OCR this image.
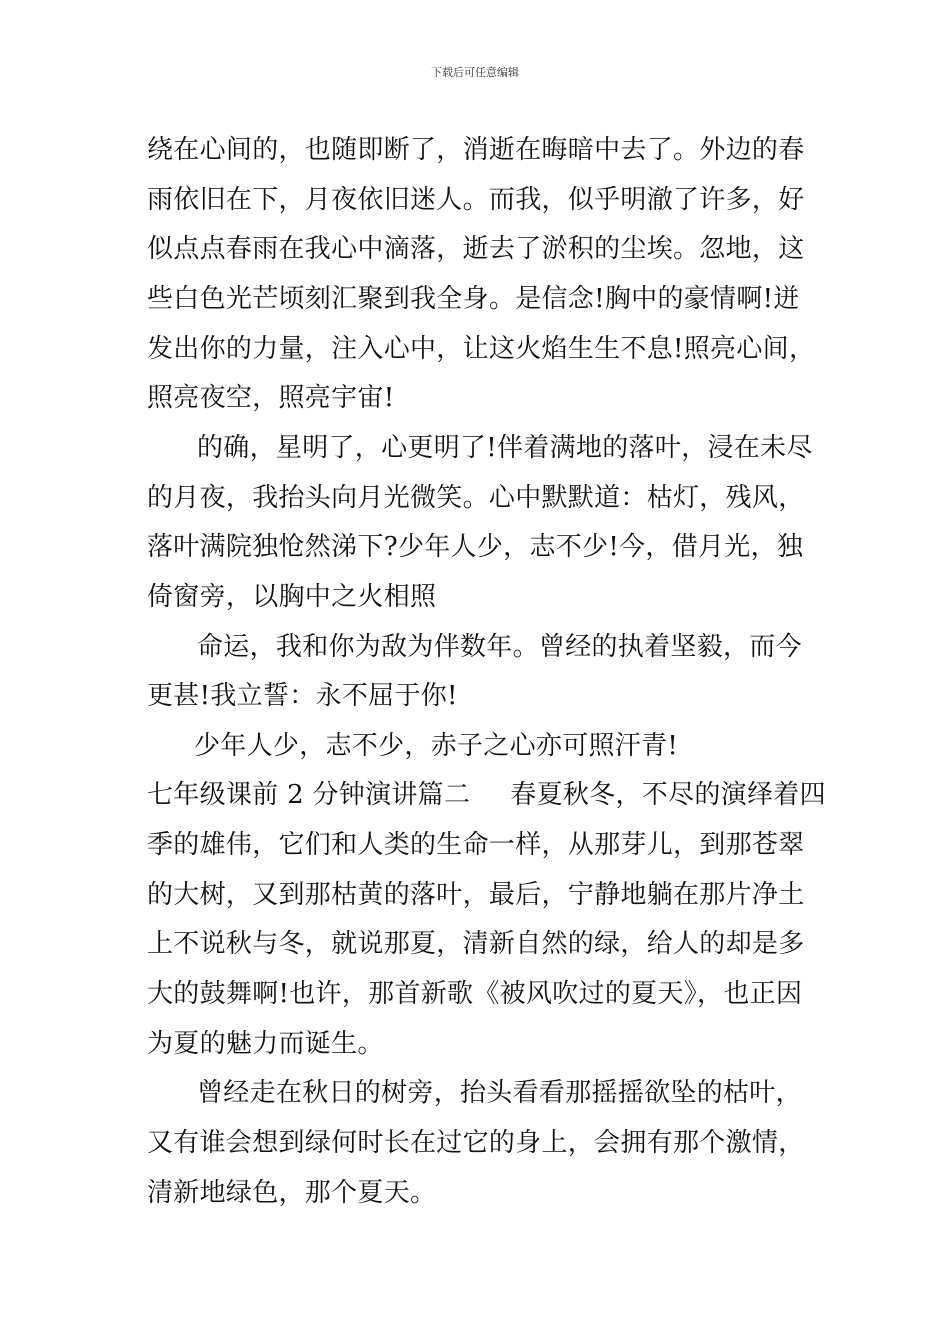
下载后可任意编辑
绕在心间的，也随即断了，消逝在晦暗中去了。外边的春
雨依旧在下，月夜依旧迷人。而我，似乎明澈了许多，好
似点点春雨在我心中滴落，逝去了淤积的尘埃。忽地，这
些白色光芒顷刻汇聚到我全身。是信念!胸中的豪情啊!迸
发出你的力量，注入心中，让这火焰生生不息!照亮心间，
照亮夜空，照亮宇宙!
的确，星明了，心更明了!伴着满地的落叶，浸在未尽
的月夜，我抬头向月光微笑。心中默默道：枯灯，残风，
落叶满院独怆然涕下?少年人少，志不少!今，借月光，独
倚窗旁，以胸中之火相照
命运，我和你为敌为伴数年。曾经的执着坚毅，而今
更甚!我立誓：永不屈于你!
少年人少，志不少，赤子之心亦可照汗青!
七年级课前 2 分钟演讲篇二 春夏秋冬，不尽的演绎着四
季的雄伟，它们和人类的生命一样，从那芽儿，到那苍翠
的大树，又到那枯黄的落叶，最后，宁静地躺在那片净土
上不说秋与冬，就说那夏，清新自然的绿，给人的却是多
大的鼓舞啊!也许，那首新歌《被风吹过的夏天》，也正因
为夏的魅力而诞生。
曾经走在秋日的树旁，抬头看看那摇摇欲坠的枯叶，
又有谁会想到绿何时长在过它的身上，会拥有那个激情，
清新地绿色，那个夏天。
